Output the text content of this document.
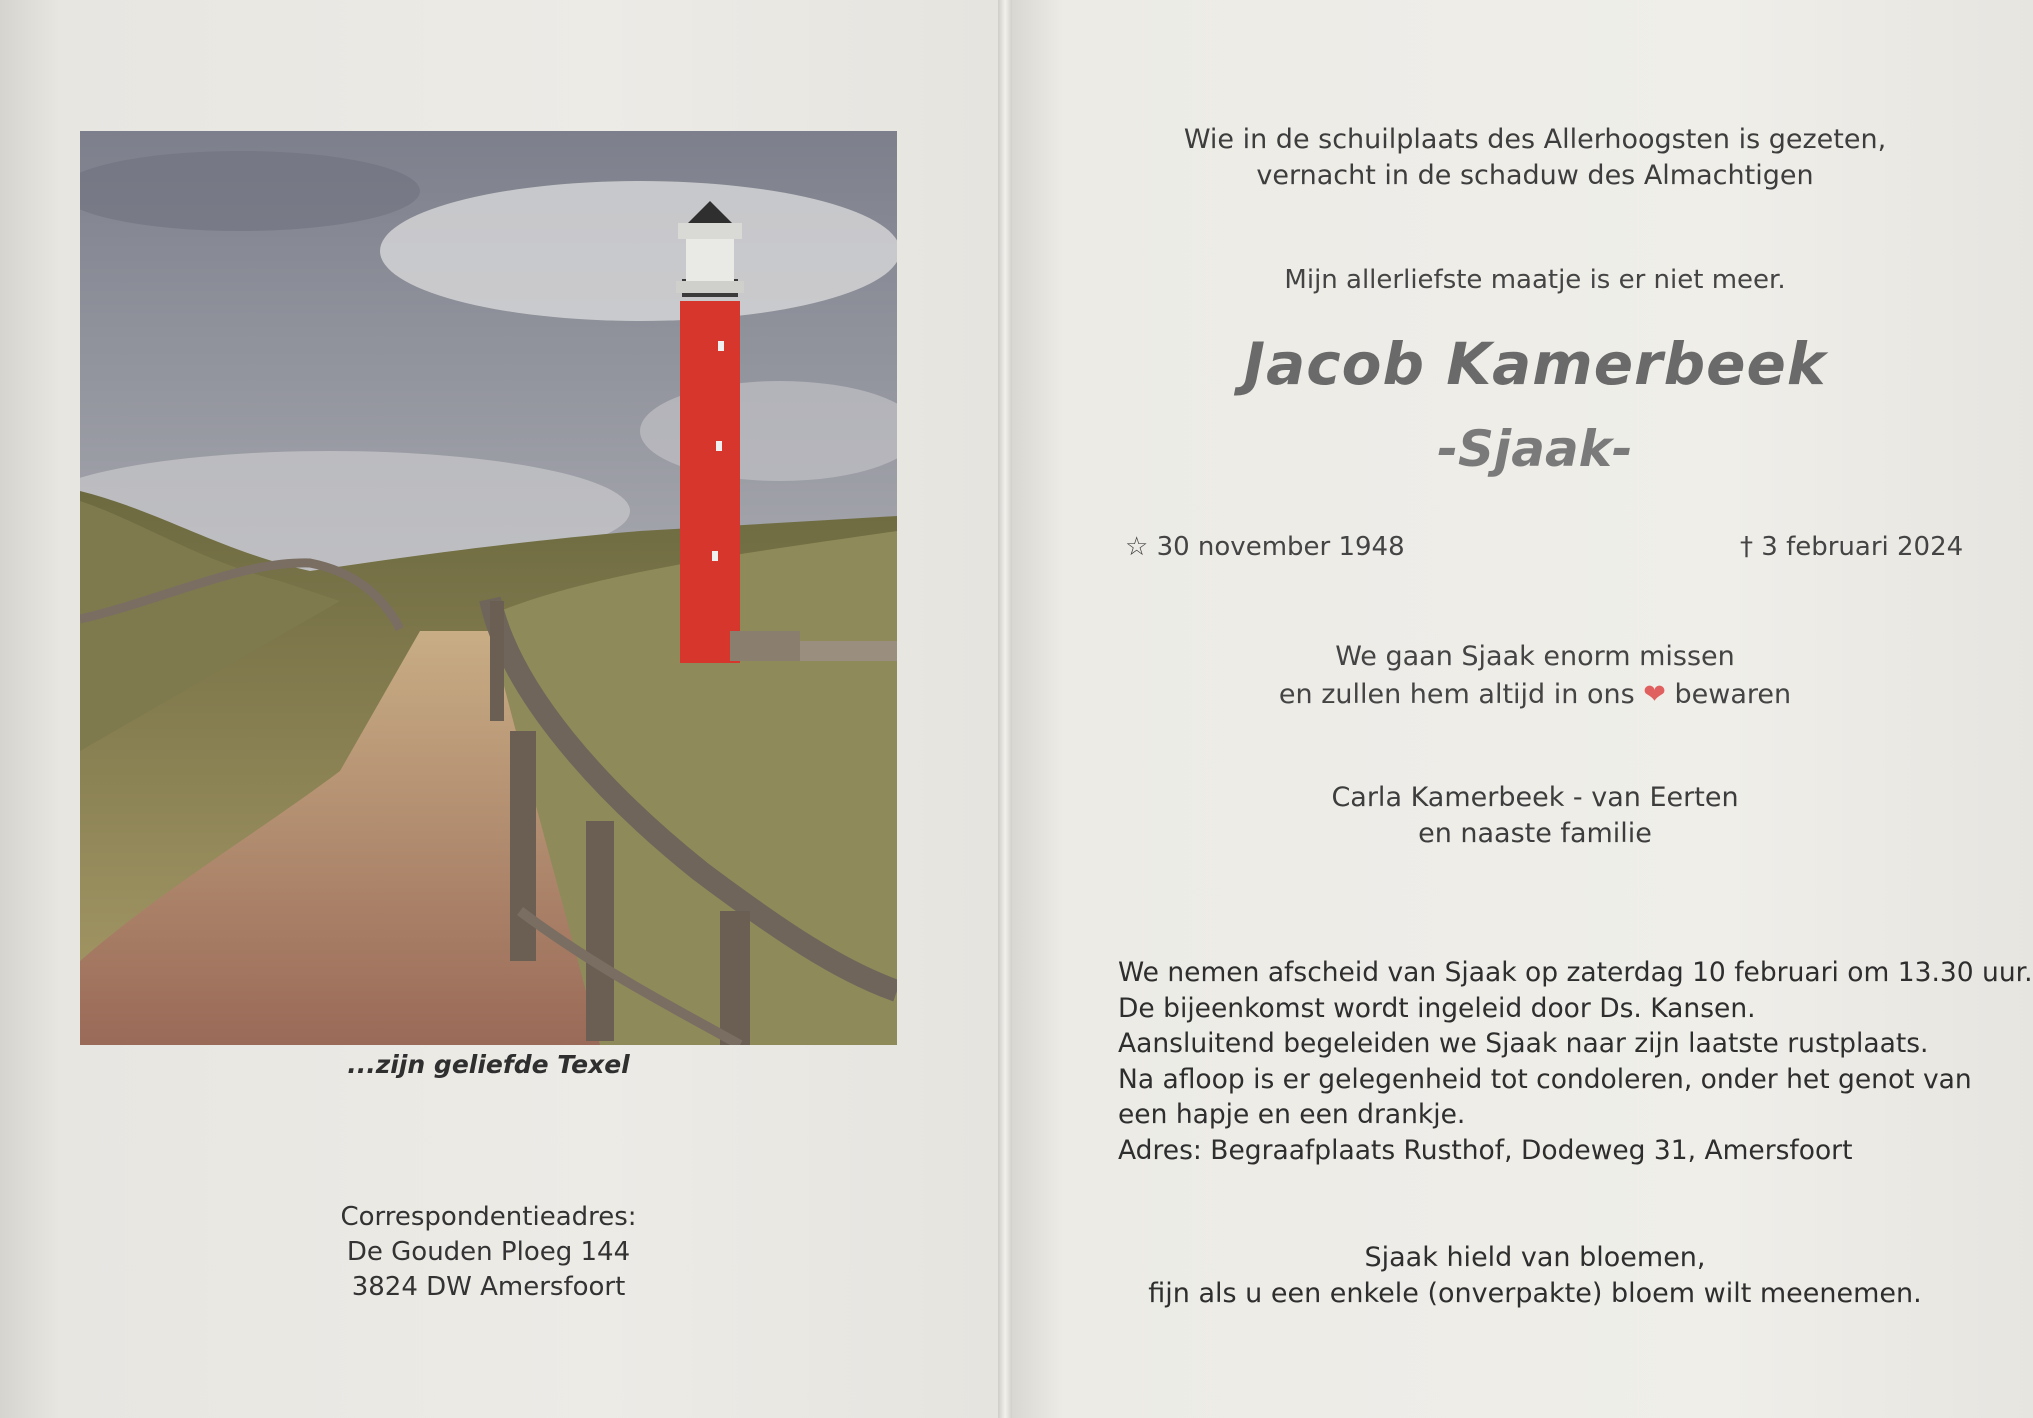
...zijn geliefde Texel
Correspondentieadres:
De Gouden Ploeg 144
3824 DW Amersfoort
Wie in de schuilplaats des Allerhoogsten is gezeten,
vernacht in de schaduw des Almachtigen
Mijn allerliefste maatje is er niet meer.
Jacob Kamerbeek
-Sjaak-
☆ 30 november 1948	† 3 februari 2024
We gaan Sjaak enorm missen
en zullen hem altijd in ons ❤ bewaren
Carla Kamerbeek - van Eerten
en naaste familie
We nemen afscheid van Sjaak op zaterdag 10 februari om 13.30 uur.
De bijeenkomst wordt ingeleid door Ds. Kansen.
Aansluitend begeleiden we Sjaak naar zijn laatste rustplaats.
Na afloop is er gelegenheid tot condoleren, onder het genot van
een hapje en een drankje.
Adres: Begraafplaats Rusthof, Dodeweg 31, Amersfoort
Sjaak hield van bloemen,
fijn als u een enkele (onverpakte) bloem wilt meenemen.
